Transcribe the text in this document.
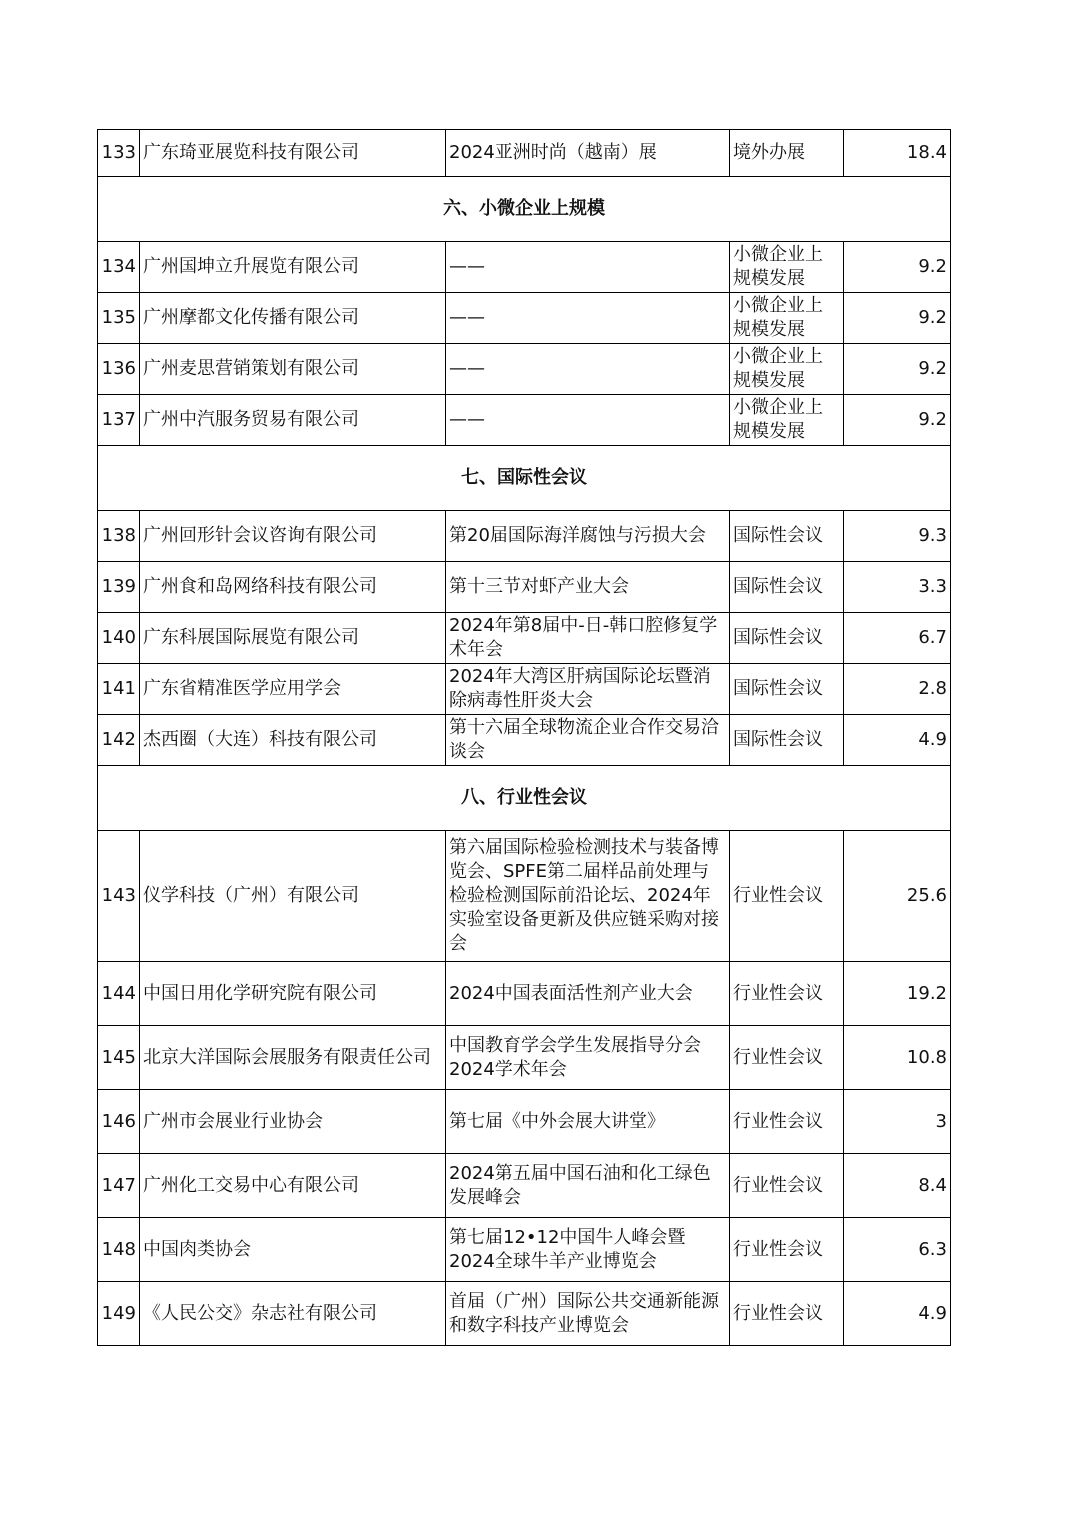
133	广东琦亚展览科技有限公司	2024亚洲时尚（越南）展	境外办展	18.4
六、小微企业上规模				
134	广州国坤立升展览有限公司	——	小微企业上规模发展	9.2
135	广州摩都文化传播有限公司	——	小微企业上规模发展	9.2
136	广州麦思营销策划有限公司	——	小微企业上规模发展	9.2
137	广州中汽服务贸易有限公司	——	小微企业上规模发展	9.2
七、国际性会议				
138	广州回形针会议咨询有限公司	第20届国际海洋腐蚀与污损大会	国际性会议	9.3
139	广州食和岛网络科技有限公司	第十三节对虾产业大会	国际性会议	3.3
140	广东科展国际展览有限公司	2024年第8届中-日-韩口腔修复学术年会	国际性会议	6.7
141	广东省精准医学应用学会	2024年大湾区肝病国际论坛暨消除病毒性肝炎大会	国际性会议	2.8
142	杰西圈（大连）科技有限公司	第十六届全球物流企业合作交易洽谈会	国际性会议	4.9
八、行业性会议				
143	仪学科技（广州）有限公司	第六届国际检验检测技术与装备博览会、SPFE第二届样品前处理与检验检测国际前沿论坛、2024年实验室设备更新及供应链采购对接会	行业性会议	25.6
144	中国日用化学研究院有限公司	2024中国表面活性剂产业大会	行业性会议	19.2
145	北京大洋国际会展服务有限责任公司	中国教育学会学生发展指导分会2024学术年会	行业性会议	10.8
146	广州市会展业行业协会	第七届《中外会展大讲堂》	行业性会议	3
147	广州化工交易中心有限公司	2024第五届中国石油和化工绿色发展峰会	行业性会议	8.4
148	中国肉类协会	第七届12•12中国牛人峰会暨2024全球牛羊产业博览会	行业性会议	6.3
149	《人民公交》杂志社有限公司	首届（广州）国际公共交通新能源和数字科技产业博览会	行业性会议	4.9
